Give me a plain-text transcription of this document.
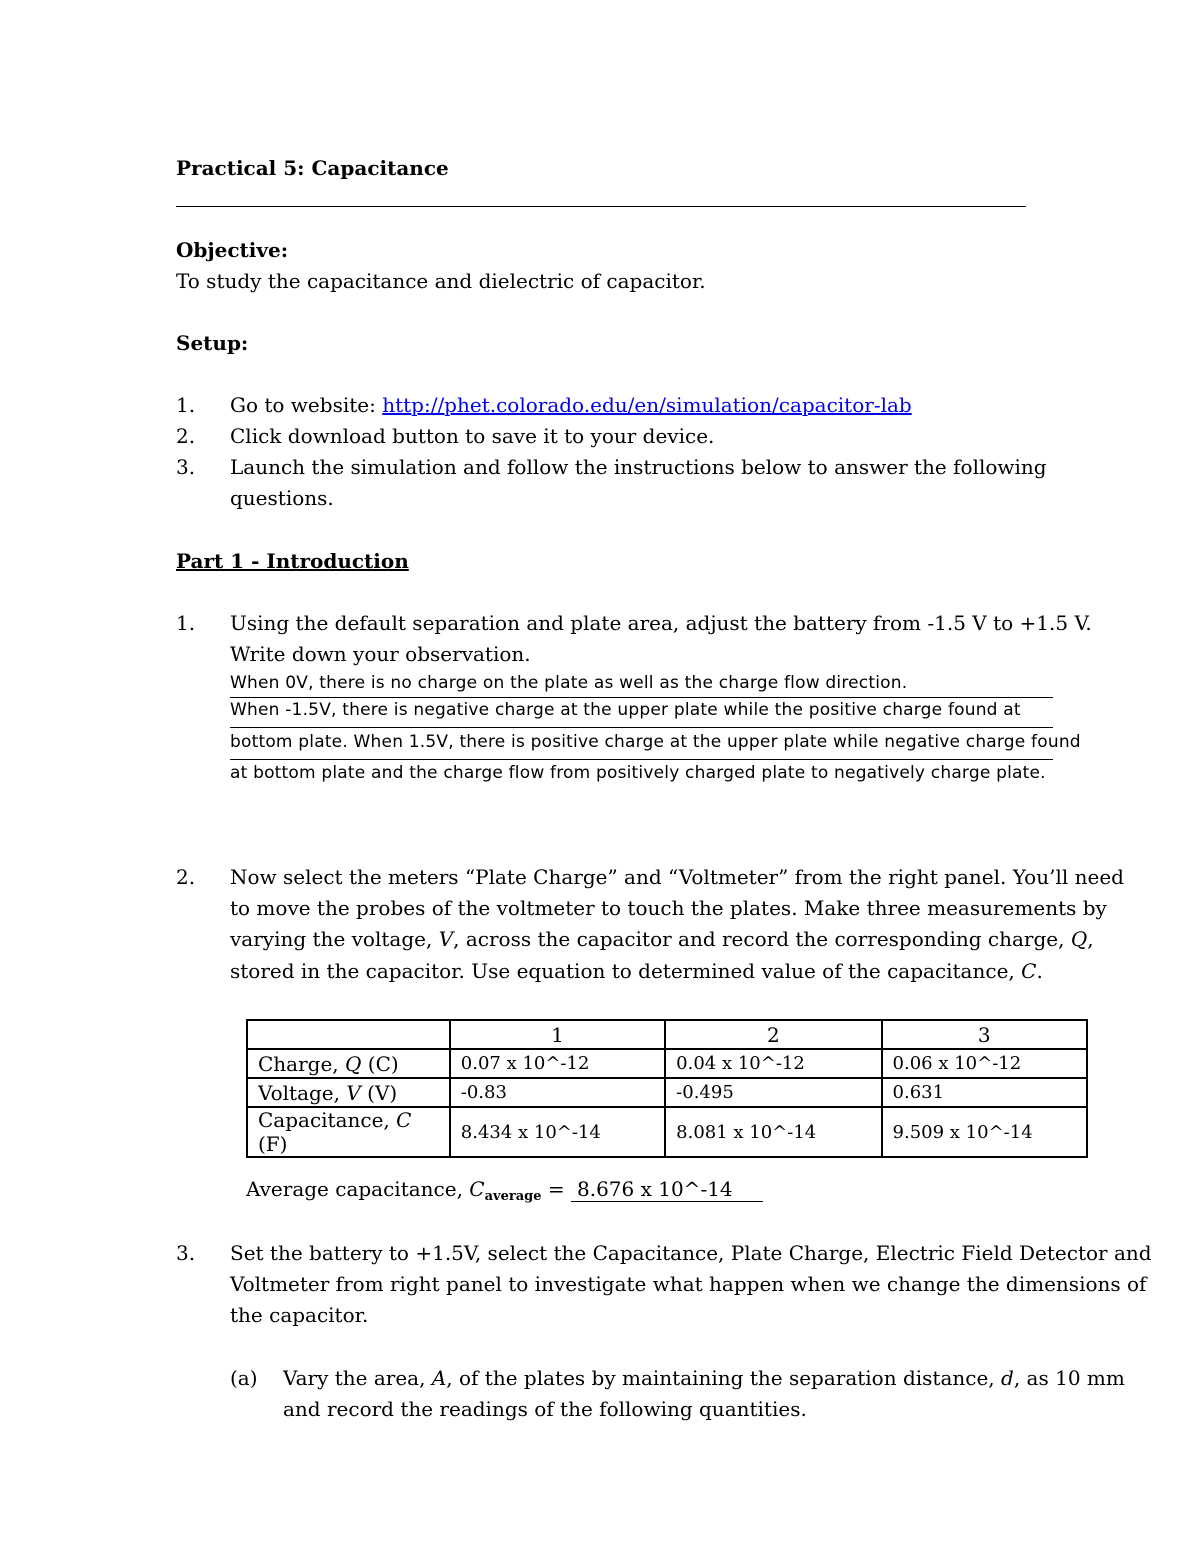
Practical 5: Capacitance
Objective:
To study the capacitance and dielectric of capacitor.
Setup:
1. Go to website: http://phet.colorado.edu/en/simulation/capacitor-lab
2. Click download button to save it to your device.
3. Launch the simulation and follow the instructions below to answer the following
questions.
Part 1 - Introduction
1. Using the default separation and plate area, adjust the battery from -1.5 V to +1.5 V.
Write down your observation.
When 0V, there is no charge on the plate as well as the charge flow direction.
When -1.5V, there is negative charge at the upper plate while the positive charge found at
bottom plate. When 1.5V, there is positive charge at the upper plate while negative charge found
at bottom plate and the charge flow from positively charged plate to negatively charge plate.
2. Now select the meters “Plate Charge” and “Voltmeter” from the right panel. You’ll need
to move the probes of the voltmeter to touch the plates. Make three measurements by
varying the voltage, V, across the capacitor and record the corresponding charge, Q,
stored in the capacitor. Use equation to determined value of the capacitance, C.
	1	2	3
Charge, Q (C)	0.07 x 10^-12	0.04 x 10^-12	0.06 x 10^-12
Voltage, V (V)	-0.83	-0.495	0.631
Capacitance, C (F)	8.434 x 10^-14	8.081 x 10^-14	9.509 x 10^-14
Average capacitance, $C_{average} = 8.676$ x 10^-14
3. Set the battery to +1.5V, select the Capacitance, Plate Charge, Electric Field Detector and
Voltmeter from right panel to investigate what happen when we change the dimensions of
the capacitor.
(a) Vary the area, A, of the plates by maintaining the separation distance, d, as 10 mm
and record the readings of the following quantities.
